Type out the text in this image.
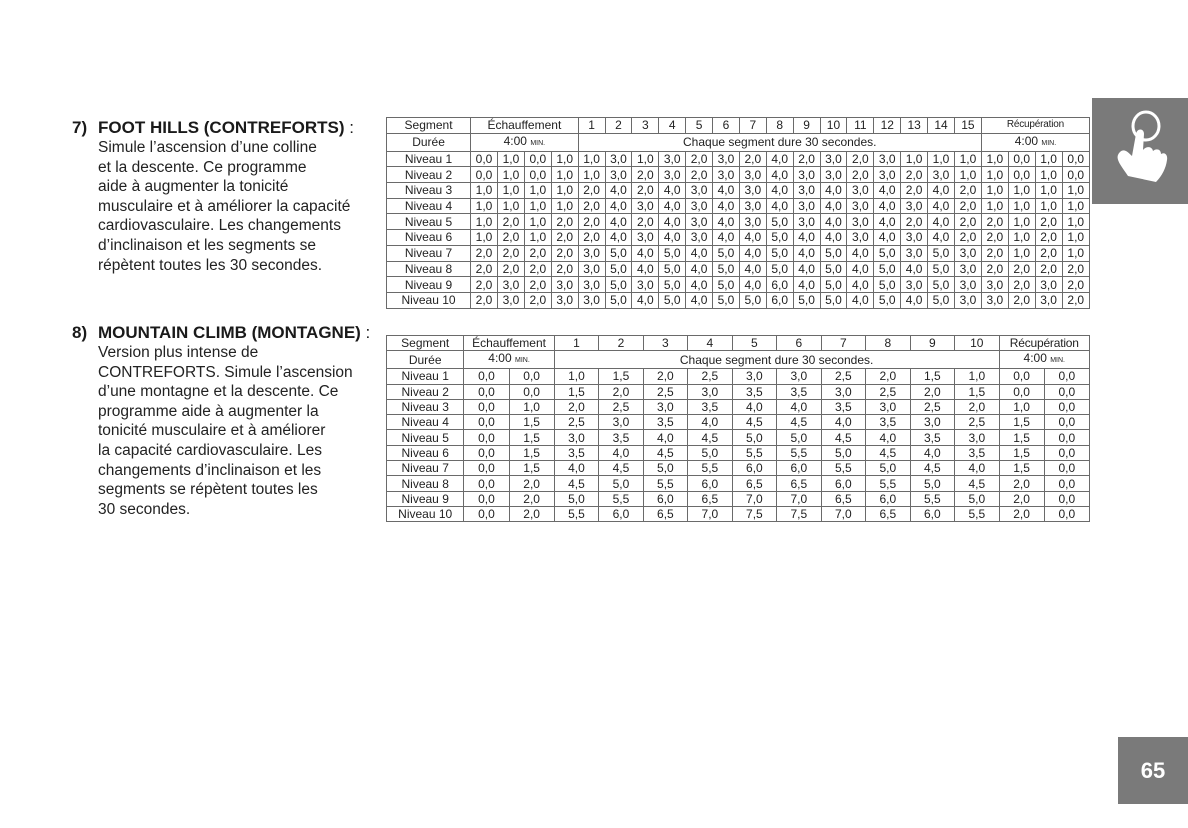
7) FOOT HILLS (CONTREFORTS) :
Simule l’ascension d’une colline
et la descente. Ce programme
aide à augmenter la tonicité
musculaire et à améliorer la capacité
cardiovasculaire. Les changements
d’inclinaison et les segments se
répètent toutes les 30 secondes.
8) MOUNTAIN CLIMB (MONTAGNE) :
Version plus intense de
CONTREFORTS. Simule l’ascension
d’une montagne et la descente. Ce
programme aide à augmenter la
tonicité musculaire et à améliorer
la capacité cardiovasculaire. Les
changements d’inclinaison et les
segments se répètent toutes les
30 secondes.
Segment	Échauffement				1	2	3	4	5	6	7	8	9	10	11	12	13	14	15	Récupération			
Durée	4:00 MIN.				Chaque segment dure 30 secondes.															4:00 MIN.			
Niveau 1	0,0	1,0	0,0	1,0	1,0	3,0	1,0	3,0	2,0	3,0	2,0	4,0	2,0	3,0	2,0	3,0	1,0	1,0	1,0	1,0	0,0	1,0	0,0
Niveau 2	0,0	1,0	0,0	1,0	1,0	3,0	2,0	3,0	2,0	3,0	3,0	4,0	3,0	3,0	2,0	3,0	2,0	3,0	1,0	1,0	0,0	1,0	0,0
Niveau 3	1,0	1,0	1,0	1,0	2,0	4,0	2,0	4,0	3,0	4,0	3,0	4,0	3,0	4,0	3,0	4,0	2,0	4,0	2,0	1,0	1,0	1,0	1,0
Niveau 4	1,0	1,0	1,0	1,0	2,0	4,0	3,0	4,0	3,0	4,0	3,0	4,0	3,0	4,0	3,0	4,0	3,0	4,0	2,0	1,0	1,0	1,0	1,0
Niveau 5	1,0	2,0	1,0	2,0	2,0	4,0	2,0	4,0	3,0	4,0	3,0	5,0	3,0	4,0	3,0	4,0	2,0	4,0	2,0	2,0	1,0	2,0	1,0
Niveau 6	1,0	2,0	1,0	2,0	2,0	4,0	3,0	4,0	3,0	4,0	4,0	5,0	4,0	4,0	3,0	4,0	3,0	4,0	2,0	2,0	1,0	2,0	1,0
Niveau 7	2,0	2,0	2,0	2,0	3,0	5,0	4,0	5,0	4,0	5,0	4,0	5,0	4,0	5,0	4,0	5,0	3,0	5,0	3,0	2,0	1,0	2,0	1,0
Niveau 8	2,0	2,0	2,0	2,0	3,0	5,0	4,0	5,0	4,0	5,0	4,0	5,0	4,0	5,0	4,0	5,0	4,0	5,0	3,0	2,0	2,0	2,0	2,0
Niveau 9	2,0	3,0	2,0	3,0	3,0	5,0	3,0	5,0	4,0	5,0	4,0	6,0	4,0	5,0	4,0	5,0	3,0	5,0	3,0	3,0	2,0	3,0	2,0
Niveau 10	2,0	3,0	2,0	3,0	3,0	5,0	4,0	5,0	4,0	5,0	5,0	6,0	5,0	5,0	4,0	5,0	4,0	5,0	3,0	3,0	2,0	3,0	2,0
Segment	Échauffement		1	2	3	4	5	6	7	8	9	10	Récupération	
Durée	4:00 MIN.		Chaque segment dure 30 secondes.										4:00 MIN.	
Niveau 1	0,0	0,0	1,0	1,5	2,0	2,5	3,0	3,0	2,5	2,0	1,5	1,0	0,0	0,0
Niveau 2	0,0	0,0	1,5	2,0	2,5	3,0	3,5	3,5	3,0	2,5	2,0	1,5	0,0	0,0
Niveau 3	0,0	1,0	2,0	2,5	3,0	3,5	4,0	4,0	3,5	3,0	2,5	2,0	1,0	0,0
Niveau 4	0,0	1,5	2,5	3,0	3,5	4,0	4,5	4,5	4,0	3,5	3,0	2,5	1,5	0,0
Niveau 5	0,0	1,5	3,0	3,5	4,0	4,5	5,0	5,0	4,5	4,0	3,5	3,0	1,5	0,0
Niveau 6	0,0	1,5	3,5	4,0	4,5	5,0	5,5	5,5	5,0	4,5	4,0	3,5	1,5	0,0
Niveau 7	0,0	1,5	4,0	4,5	5,0	5,5	6,0	6,0	5,5	5,0	4,5	4,0	1,5	0,0
Niveau 8	0,0	2,0	4,5	5,0	5,5	6,0	6,5	6,5	6,0	5,5	5,0	4,5	2,0	0,0
Niveau 9	0,0	2,0	5,0	5,5	6,0	6,5	7,0	7,0	6,5	6,0	5,5	5,0	2,0	0,0
Niveau 10	0,0	2,0	5,5	6,0	6,5	7,0	7,5	7,5	7,0	6,5	6,0	5,5	2,0	0,0
65
